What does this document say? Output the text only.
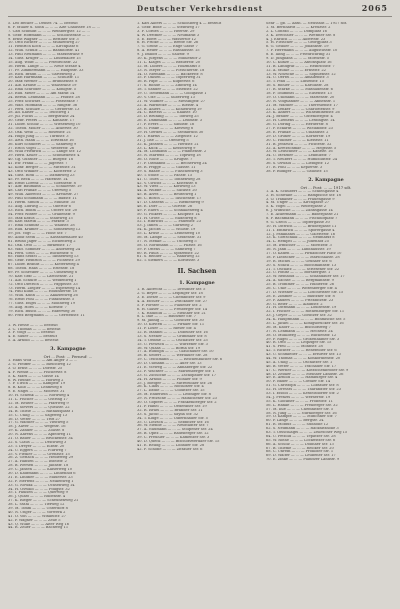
Deutscher Verkehrsdienst	2065
5. Leo Becker — Deines 74. — bestellt
6. F. Müller u. Sohn — ... — Alte Chaussee 18 — ...
7. Carl Schmidt — ... — Weinbergstr. 12 — ...
8. Gebr. Hoffmann — ... — Schloßstraße — ...
9. Ernst Wagner — ... — Berliner Str. 3
10. Otto Richter — ... — Mühlenweg 27
11. Heinrich Koch — ... — Kirchplatz 6
12. Wilh. Schulz — ... — Bahnhofstr. 41
13. Paul Neumann — ... — Marktstraße 9
14. Gust. Krüger — ... — Lindenallee 15
15. Aug. Wolff — ... — Friedrichstr. 22
16. Herm. Lange — ... — Neue Straße 4
17. Fr. Zimmermann — ... — Hauptstr. 33
18. Rich. Braun — ... — Gartenweg 2
19. Karl Hartmann — ... — Schulstr. 11
20. Max Werner — ... — Brunnenstr. 8
21. Alb. Krause — ... — Wallstraße 19
22. Emil Schröder — ... — Königstr. 5
23. Rud. Meier — ... — Am Markt 14
24. Bernh. Lehmann — ... — Feldstr. 28
25. Fritz Schwarz — ... — Poststraße 7
26. Walt. Hofmann — ... — Ringstr. 36
27. Ferd. Schulze — ... — Gerberstr. 13
28. Ad. Kaiser — ... — Teichweg 1
29. Jul. Fuchs — ... — Bergstraße 24
30. Gebr. Peters — ... — Kanalstr. 17
31. Ludw. Scholz — ... — Wiesenweg 10
32. Theod. Möller — ... — Ackerstr. 30
33. Osk. Weiß — ... — Rosenstr. 21
34. Hugo Jung — ... — Turmstr. 3
35. Arth. Hahn — ... — Torstraße 16
36. Kurt Schubert — ... — Sandweg 9
37. Erich Vogel — ... — Weberstr. 26
38. Willi Friedrich — ... — Lange Str. 12
39. Herb. Keller — ... — Schmiedestr. 4
40. Gg. Günther — ... — Burgstr. 18
41. Ew. Frank — ... — Jägerstr. 7
42. Konr. Berger — ... — Mittelstr. 31
43. Otto Winkler — ... — Klosterstr. 2
44. Gust. Roth — ... — Dammweg 23
45. Fr. Beck — ... — Hafenstr. 14
46. Ernst Lorenz — ... — Goethestr. 8
47. Alfr. Baumann — ... — Schillerstr. 19
48. Carl Franke — ... — Uferweg 5
49. Wilh. Albrecht — ... — Kreuzstr. 27
50. Paul Schumann — ... — Badstr. 11
51. Herm. Simon — ... — Mühlstr. 35
52. Aug. Ludwig — ... — Obertor 6
53. Rich. Böhm — ... — Untere Str. 20
54. Fritz Winter — ... — Grabenstr. 9
55. Max Kraus — ... — Stadtweg 15
56. Karl Martin — ... — Parkstr. 3
57. Emil Schmitz — ... — Waldstr. 28
58. Rud. Krämer — ... — Sonnenweg 12
59. Jos. Vogt — ... — Hohe Str. 7
60. Adolf Stein — ... — Kastanienallee 40
61. Bruno Jäger — ... — Eichenweg 2
62. Osk. Otto — ... — Birkenstr. 17
63. Walt. Sommer — ... — Ahornweg 24
64. Ferd. Groß — ... — Buchenstr. 6
65. Hans Seidel — ... — Tannenweg 13
66. Gebr. Heinrich — ... — Fichtestr. 29
67. Ludw. Brandt — ... — Kiefernweg 4
68. Theod. Haas — ... — Erlenstr. 18
69. Fr. Schreiber — ... — Ulmenweg 8
70. Karl Graf — ... — Lärchenstr. 21
71. Alb. Schulte — ... — Weidenweg 1
72. Otto Dietrich — ... — Pappelstr. 33
73. Herm. Ziegler — ... — Espenweg 14
74. Paul Kuhn — ... — Holunderstr. 10
75. Wilh. Kühn — ... — Akazienweg 26
76. Ernst Pohl — ... — Platanenstr. 5
77. Gust. Engel — ... — Mohnweg 19
78. Aug. Horn — ... — Kornstr. 7
79. Rich. Busch — ... — Haferweg 30
80. Fritz Bergmann — ... — Gerstenstr. 11
1. W. Hesse — ... — bestellt
2. C. Thomas — ... — bestellt
3. F. Voigt — ... — bestellt
4. E. Sauer — ... — bestellt
5. A. Arnold — ... — bestellt
3. Kampagne
Ort ... Post: ... Fernruf: ...
1. Hans Wolf — ... — Am Anger 3 — ...
2. G. Pfeiffer — ... — Bleichweg 12
3. O. Ernst — ... — Dorfstr. 25
4. F. Wendt — ... — Fischerstr. 8
5. K. Marx — ... — Gasse 14
6. W. Heinze — ... — Hofweg 2
7. P. Ulrich — ... — Kampstr. 19
8. R. Kolb — ... — Lehmweg 6
9. E. Nagel — ... — Moorstr. 31
10. H. Schenk — ... — Nordweg 4
11. L. Fischer — ... — Ostring 17
12. M. Reuter — ... — Pfarrweg 9
13. A. Sievers — ... — Quellstr. 22
14. B. Thiele — ... — Rathausplatz 1
15. C. Uhlig — ... — Sägeweg 13
16. D. Vetter — ... — Trift 27
17. G. Walther — ... — Viehweg 5
18. J. Xaver — ... — Wegestr. 16
19. K. Zander — ... — Zollstr. 8
20. N. Ahrens — ... — Apfelweg 11
21. O. Bauer — ... — Brückenstr. 34
22. S. Claus — ... — Deichweg 3
23. T. Dreyer — ... — Elbstr. 20
24. U. Eggers — ... — Flurweg 7
25. V. Fiedler — ... — Grenzstr. 15
26. Z. Gerlach — ... — Heideweg 29
27. A. Hansen — ... — Inselstr. 2
28. B. Iversen — ... — Jahnstr. 18
29. C. Jansen — ... — Kaiserweg 10
30. D. Kaufmann — ... — Lindenhof 6
31. E. Lindner — ... — Mauerstr. 23
32. F. Mertens — ... — Nelkenweg 1
33. G. Nowak — ... — Ochsenweg 14
34. H. Oswald — ... — Pflugstr. 32
35. I. Paulsen — ... — Querweg 9
36. J. Quast — ... — Rübenstr. 4
37. K. Rieger — ... — Scheunenweg 21
38. L. Stahl — ... — Tiefweg 12
39. M. Timm — ... — Unterdorf 8
40. N. Unger — ... — Vorwerk 2
41. O. Voß — ... — Winkelstr. 27
42. P. Wagner — ... — Zeile 5
43. Q. Wilke — ... — Alter Weg 16
44. R. Zeller — ... — Bachweg 11
1. Karl Albers — ... — Schloßberg 4 — bestellt
2. Gebr. Bode — ... — Steinweg 17
3. F. Cordes — ... — Heerstr. 29
4. W. Dettmer — ... — Neumarkt 3
5. E. Ebert — ... — Wassertor 12
6. H. Fricke — ... — Breite Str. 26
7. G. Gröne — ... — Enge Gasse 7
8. A. Heuer — ... — Rathausstr. 15
9. J. Imhoff — ... — Salzstr. 9
10. K. Jürgens — ... — Mühlentor 2
11. L. Klages — ... — Brauerstr. 20
12. M. Lüders — ... — Holzmarkt 5
13. N. Meyer — ... — Fleischerstr. 18
14. O. Niemann — ... — Bäckerstr. 8
15. P. Ohlsen — ... — Töpferweg 31
16. R. Pape — ... — Kupferstr. 6
17. S. Rohde — ... — Zinnweg 14
18. T. Sander — ... — Eisenstr. 22
19. U. Tiedemann — ... — Goldgasse 1
20. V. Ude — ... — Silberweg 13
21. W. Vollmer — ... — Messingstr. 27
22. A. Warnecke — ... — Bleistr. 4
23. B. Ahlers — ... — Kohlenweg 19
24. C. Bartels — ... — Kalkstr. 10
25. D. Brüning — ... — Tonweg 25
26. E. Dammann — ... — Lehmstr. 3
27. F. Evers — ... — Sandstr. 16
28. G. Finke — ... — Kiesweg 8
29. H. Gerdes — ... — Steinbruch 30
30. I. Harms — ... — Ziegelstr. 12
31. J. Ilse — ... — Ofenweg 5
32. K. Janssen — ... — Herdstr. 21
33. L. Kück — ... — Kesselweg 9
34. M. Lohmann — ... — Pfannenstr. 2
35. N. Martens — ... — Topfweg 18
36. O. Nolte — ... — Krugstr. 7
37. P. Oltmanns — ... — Becherweg 24
38. R. Prigge — ... — Glasstr. 11
39. S. Raabe — ... — Flaschenweg 3
40. T. Stolte — ... — Faßstr. 15
41. U. Thies — ... — Tonnenweg 28
42. V. Ulrichs — ... — Kistenstr. 6
43. W. Viets — ... — Korbweg 13
44. A. Wübbe — ... — Sackstr. 20
45. B. Alves — ... — Beutelweg 1
46. C. Bösch — ... — Taschenstr. 17
47. D. Cassens — ... — Riemenweg 9
48. E. Dörr — ... — Gurtstr. 26
49. F. Eilers — ... — Schnallenweg 4
50. G. Folkers — ... — Knopfstr. 14
51. H. Grote — ... — Nadelweg 8
52. I. Hinrichs — ... — Fadenstr. 23
53. J. Ihnen — ... — Garnweg 2
54. K. Jacobs — ... — Wollstr. 19
55. L. Kruse — ... — Leinenweg 10
56. M. Lampe — ... — Seidenstr. 31
57. N. Menke — ... — Tuchweg 5
58. O. Nordmann — ... — Filzstr. 16
59. P. Ottens — ... — Samtweg 7
60. R. Pauls — ... — Spitzenstr. 22
61. S. Rehder — ... — Bandweg 12
62. T. Siemers — ... — Kordelstr. 3
II. Sachsen
1. Kampagne
1. R. Albrecht — ... — Dresdner Str. 5
2. G. Beyer — ... — Leipziger Str. 18
3. E. Dietze — ... — Chemnitzer Str. 9
4. A. Eichler — ... — Zwickauer Str. 27
5. F. Förster — ... — Plauener Str. 2
6. H. Gläser — ... — Freiberger Str. 14
7. K. Haubold — ... — Meißner Str. 21
8. L. Ihle — ... — Bautzner Str. 7
9. M. Jähnig — ... — Görlitzer Str. 30
10. O. Kirsten — ... — Pirnaer Str. 11
11. P. Löser — ... — Rieser Str. 4
12. R. Männel — ... — Döbelner Str. 16
13. S. Nestler — ... — Grimmaer Str. 8
14. T. Oehme — ... — Oschatzer Str. 25
15. U. Pietzsch — ... — Wurzener Str. 3
16. W. Quaas — ... — Borna Str. 19
17. A. Rudolph — ... — Glauchauer Str. 10
18. B. Seifert — ... — Werdauer Str. 28
19. C. Teichmann — ... — Reichenbacher Str. 6
20. D. Ullmann — ... — Auer Str. 13
21. E. Vieweg — ... — Annaberger Str. 22
22. F. Wächter — ... — Marienberger Str. 1
23. G. Zschoche — ... — Zschopauer Str. 17
24. H. Arnold — ... — Flöhaer Str. 9
25. J. Böttger — ... — Mittweidaer Str. 26
26. K. Claus — ... — Rochlitzer Str. 4
27. L. Dathe — ... — Colditzer Str. 15
28. M. Enderlein — ... — Leisniger Str. 8
29. N. Fritzsche — ... — Hainichener Str. 23
30. O. Göpfert — ... — Frankenberger Str. 2
31. P. Hänel — ... — Oederaner Str. 19
32. R. Israel — ... — Brander Str. 11
33. S. Jacob — ... — Sayda Str. 32
34. T. Kluge — ... — Olbernhauer Str. 5
35. U. Lötzsch — ... — Sebnitzer Str. 16
36. W. Mende — ... — Neustädter Str. 7
37. A. Naumann — ... — Stolpener Str. 24
38. B. Opitz — ... — Radeberger Str. 12
39. C. Preußler — ... — Kamenzer Str. 3
40. D. Queck — ... — Bischofswerdaer Str. 15
41. E. Reißig — ... — Löbauer Str. 28
42. F. Schöne — ... — Zittauer Str. 6
Sehr ... gb. — Anth. — Neustadt — 1917 sdt.
1. M. Bernhardt — ... — Kreuzstr. 2
2. L. Conrad — ... — Domplatz 16
3. K. Drechsler — ... — Wettiner Str. 8
4. J. Ehrlich — ... — Albertstr. 23
5. H. Fleischer — ... — Georgplatz 3
6. G. Geißler — ... — Johannstr. 19
7. F. Herrmann — ... — Augustusstr. 10
8. E. Illing — ... — Friedrichring 31
9. D. Junghans — ... — Moritzstr. 5
10. C. Kunze — ... — Antonsplatz 16
11. B. Landgraf — ... — Heinrichstr. 7
12. A. Mühle — ... — Ernststr. 22
13. W. Nitzsche — ... — Sophienstr. 12
14. U. Oertel — ... — Amalienstr. 3
15. T. Pfau — ... — Luisenstr. 15
16. S. Rößler — ... — Karolastr. 28
17. R. Starke — ... — Mathildenstr. 6
18. P. Thümmel — ... — Elisenstr. 13
19. O. Uhlmann — ... — Marienstr. 20
20. N. Voigtländer — ... — Annenstr. 1
21. M. Walther — ... — Theresienstr. 17
22. L. Zenker — ... — Charlottenstr. 9
23. K. Ahnert — ... — Wilhelminenstr. 26
24. J. Bräuer — ... — Gutenbergstr. 4
25. H. Clemens — ... — Lessingstr. 14
26. G. Döring — ... — Herderstr. 8
27. F. Eckardt — ... — Wielandstr. 23
28. E. Franke — ... — Uhlandstr. 2
29. D. Gruner — ... — Körnerstr. 19
30. C. Hübner — ... — Kleiststr. 11
31. B. Jentzsch — ... — Fichtestr. 32
32. A. Kretzschmar — ... — Hegelstr. 5
33. W. Leuschner — ... — Kantstr. 16
34. U. Metzner — ... — Leibnizstr. 7
35. T. Neubert — ... — Humboldtstr. 24
36. S. Oswald — ... — Liebigstr. 12
37. R. Pohl — ... — Keplerstr. 3
38. P. Rüdiger — ... — Gaußstr. 15
2. Kampagne
Ort ... Post: ... — 1917 sdt.
1. A. K. Schubert — ... — Schießgasse 4
2. H. Schwabe — ... — Rampische Str. 18
3. O. Tränkner — ... — Frauengasse 9
4. M. Unger — ... — Kirchgasse 27
5. K. Vogel — ... — Webergasse 2
6. J. Wünsche — ... — Zahnsgasse 14
7. E. Ackermann — ... — Badergasse 21
8. F. Bachmann — ... — Fischhofplatz 7
9. G. Czech — ... — Töpfergasse 30
10. H. Dittrich — ... — Brüdergasse 11
11. I. Emmrich — ... — Sporergasse 4
12. J. Fankhänel — ... — Galeriestr. 16
13. K. Gottschalk — ... — Neumarkt 8
14. L. Hempel — ... — Jüdenhof 25
15. M. Irmscher — ... — Moritzstr. 3
16. N. Jahn — ... — Landhausstr. 19
17. O. Kaden — ... — Pirnaischer Platz 10
18. P. Liebscher — ... — Marschallstr. 28
19. R. Michel — ... — Grunaer Str. 6
20. S. Noack — ... — Blochmannstr. 13
21. T. Oschatz — ... — Striesener Str. 22
22. U. Pönitz — ... — Borsbergstr. 1
23. W. Reinhold — ... — Schandauer Str. 17
24. A. Sachse — ... — Bergmannstr. 9
25. B. Trommer — ... — Hüblerstr. 26
26. C. Uhle — ... — Wittenberger Str. 4
27. D. Wiesner — ... — Loschwitzer Str. 15
28. E. Zimmer — ... — Bautzner Str. 8
29. F. Anders — ... — Prießnitzstr. 23
30. G. Beier — ... — Alaunstr. 2
31. H. Dittmann — ... — Louisenstr. 19
32. I. Fischer — ... — Rothenburger Str. 11
33. J. Geyer — ... — Görlitzer Str. 32
34. K. Hauptmann — ... — Böhmische Str. 5
35. L. Jäckel — ... — Königsbrücker Str. 16
36. M. Knorr — ... — Bischofsweg 7
37. N. Lehmann — ... — Hechtstr. 24
38. O. Mühlberg — ... — Buchenstr. 12
39. P. Nagel — ... — Großenhainer Str. 3
40. R. Otto — ... — Leipziger Str. 15
41. S. Pfeil — ... — Mohnstr. 28
42. T. Richter — ... — Rehefelder Str. 6
43. U. Schmieder — ... — Erfurter Str. 13
44. W. Thomas — ... — Konkordienstr. 20
45. A. Uhlig — ... — Oschatzer Str. 1
46. B. Vetter — ... — Trachauer Str. 17
47. C. Werner — ... — Kötzschenbroder Str. 9
48. D. Zeidler — ... — Meißner Landstr. 26
49. E. Arnold — ... — Hamburger Str. 4
50. F. Bauer — ... — Cottaer Str. 14
51. G. Christoph — ... — Löbtauer Str. 8
52. H. Dressel — ... — Tharandter Str. 23
53. I. Eisold — ... — Kesselsdorfer Str. 2
54. J. Frenzel — ... — Wernerstr. 19
55. K. Glöckner — ... — Fröbelstr. 11
56. L. Hanke — ... — Freiberger Str. 32
57. M. Ihle — ... — Chemnitzer Str. 5
58. N. Jung — ... — Nürnberger Str. 16
59. O. Kämpfe — ... — Münchner Str. 7
60. P. Lange — ... — Bergstr. 24
61. R. Möbius — ... — Südhöhe 12
62. S. Neumann — ... — Räcknitzhöhe 3
63. T. Oelschlägel — ... — Zellescher Weg 15
64. U. Petzold — ... — Teplitzer Str. 28
65. W. Rothe — ... — Lockwitzer Str. 6
66. A. Scholz — ... — Dohnaer Str. 13
67. B. Thieme — ... — Reicker Str. 20
68. C. Unrein — ... — Prohliser Str. 1
69. D. Walter — ... — Leubener Str. 17
70. E. Zinke — ... — Pillnitzer Landstr. 9
